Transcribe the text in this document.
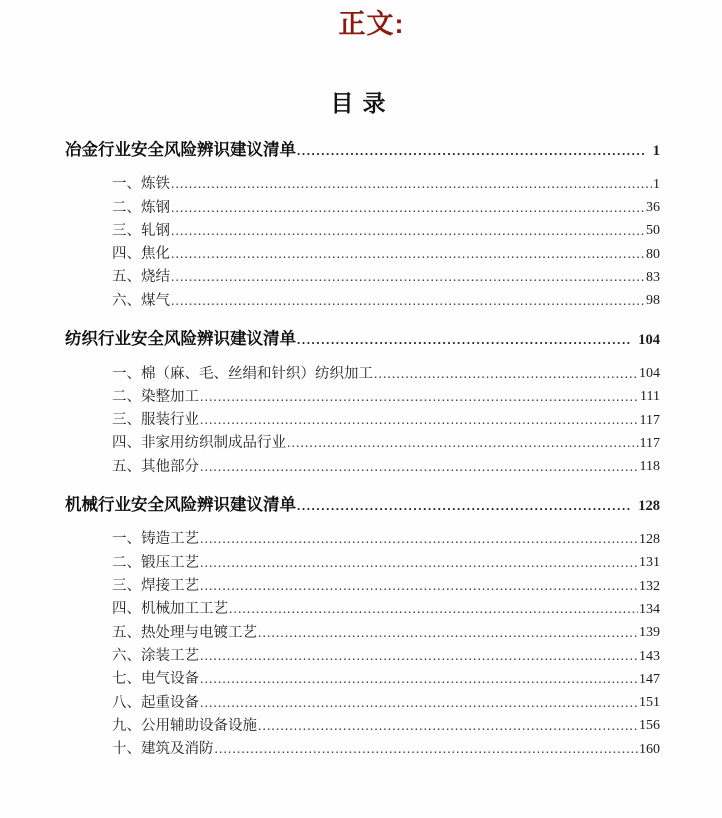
正文:
目录
冶金行业安全风险辨识建议清单 .....	1
一、炼铁 .....	1
二、炼钢 .....	36
三、轧钢 .....	50
四、焦化 .....	80
五、烧结 .....	83
六、煤气 .....	98
纺织行业安全风险辨识建议清单 .....	104
一、棉（麻、毛、丝绢和针织）纺织加工 .....	104
二、染整加工 .....	111
三、服装行业 .....	117
四、非家用纺织制成品行业 .....	117
五、其他部分 .....	118
机械行业安全风险辨识建议清单 .....	128
一、铸造工艺 .....	128
二、锻压工艺 .....	131
三、焊接工艺 .....	132
四、机械加工工艺 .....	134
五、热处理与电镀工艺 .....	139
六、涂装工艺 .....	143
七、电气设备 .....	147
八、起重设备 .....	151
九、公用辅助设备设施 .....	156
十、建筑及消防 .....	160
